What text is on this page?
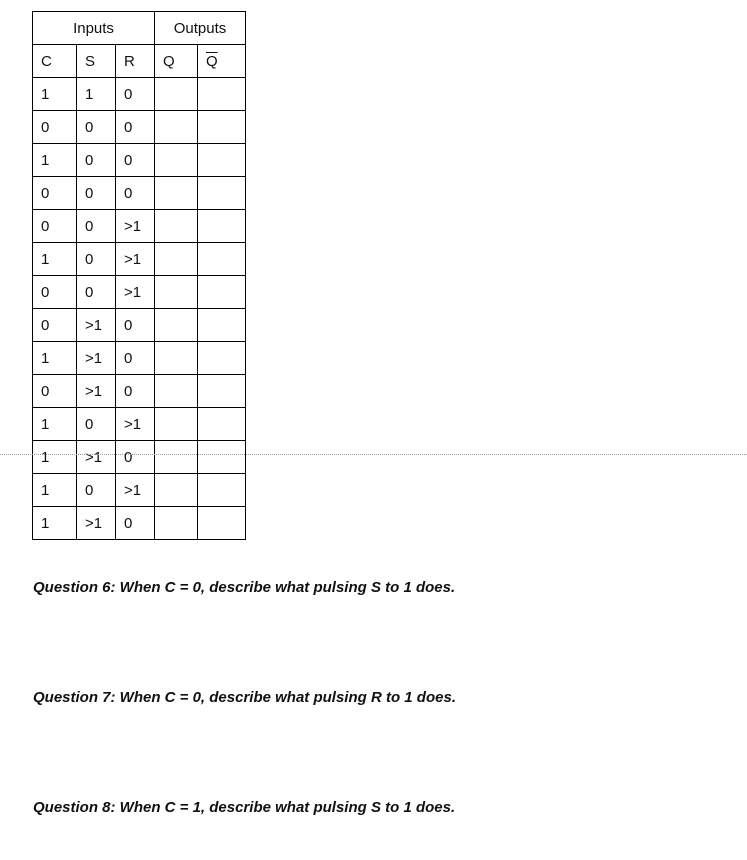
Inputs			Outputs	
C	S	R	Q	$\overline{Q}$
1	1	0		
0	0	0		
1	0	0		
0	0	0		
0	0	>1		
1	0	>1		
0	0	>1		
0	>1	0		
1	>1	0		
0	>1	0		
1	0	>1		
1	>1	0		
1	0	>1		
1	>1	0		
Question 6: When C = 0, describe what pulsing S to 1 does.
Question 7: When C = 0, describe what pulsing R to 1 does.
Question 8: When C = 1, describe what pulsing S to 1 does.
